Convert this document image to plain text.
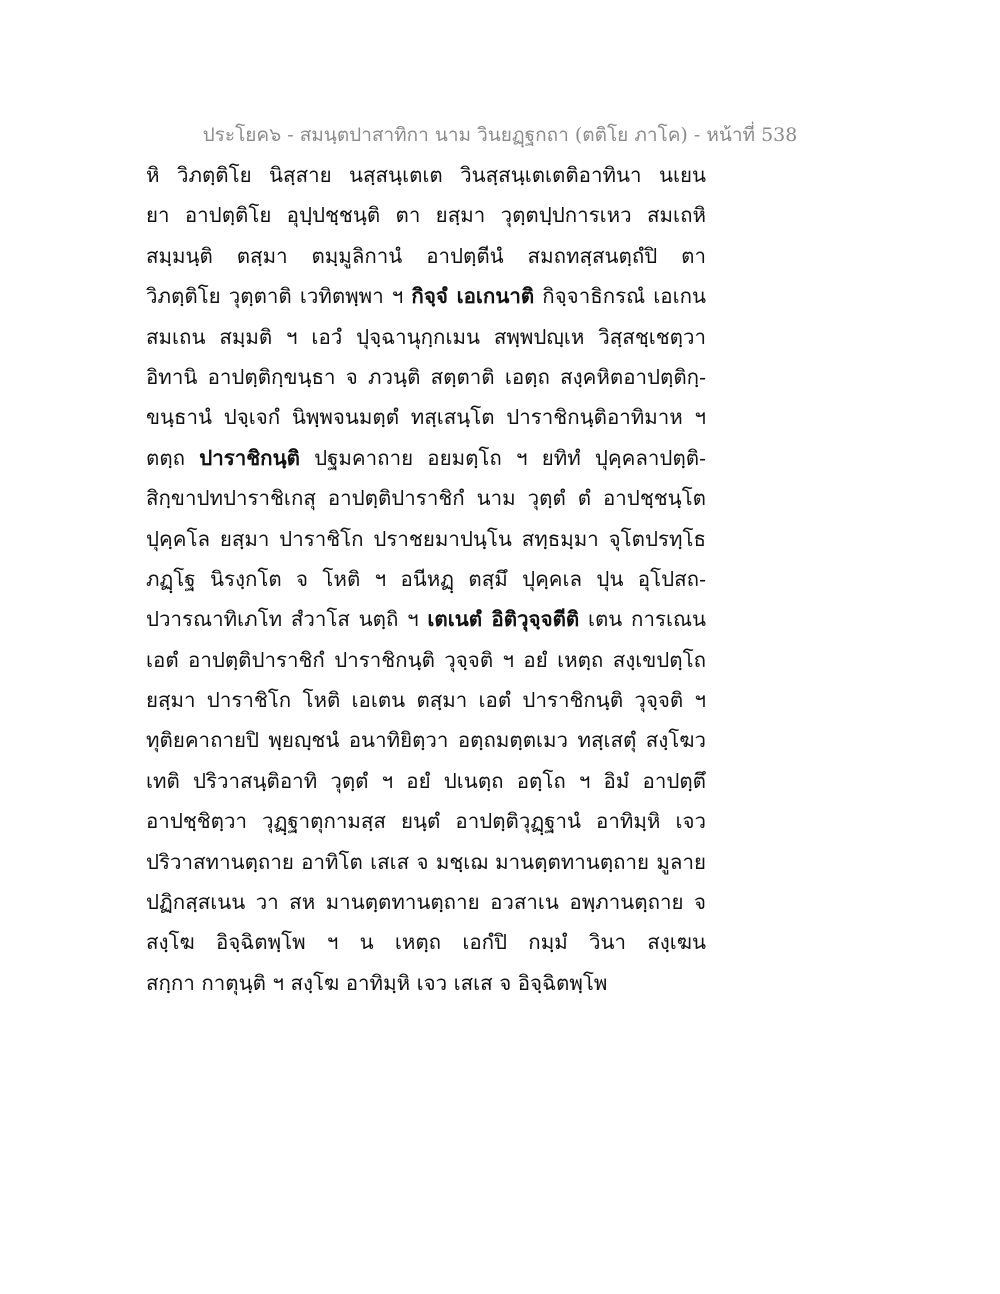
ประโยค๖ - สมนฺตปาสาทิกา นาม วินยฏฺฐกถา (ตติโย ภาโค) - หน้าที่ 538
หิ วิภตฺติโย นิสฺสาย นสฺสนฺเตเต วินสฺสนฺเตเตติอาทินา นเยน
ยา อาปตฺติโย อุปฺปชฺชนฺติ ตา ยสฺมา วุตฺตปฺปการเหว สมเถหิ
สมฺมนฺติ ตสฺมา ตมฺมูลิกานํ อาปตฺตีนํ สมถทสฺสนตฺถํปิ ตา
วิภตฺติโย วุตฺตาติ เวทิตพฺพา ฯ กิจฺจํ เอเกนาติ กิจฺจาธิกรณํ เอเกน
สมเถน สมฺมติ ฯ เอวํ ปุจฺฉานุกฺกเมน สพฺพปญฺเห วิสฺสชฺเชตฺวา
อิทานิ อาปตฺติกฺขนฺธา จ ภวนฺติ สตฺตาติ เอตฺถ สงฺคหิตอาปตฺติกฺ-
ขนฺธานํ ปจฺเจกํ นิพฺพจนมตฺตํ ทสฺเสนฺโต ปาราชิกนฺติอาทิมาห ฯ
ตตฺถ ปาราชิกนฺติ ปฐมคาถาย อยมตฺโถ ฯ ยทิทํ ปุคฺคลาปตฺติ-
สิกฺขาปทปาราชิเกสุ อาปตฺติปาราชิกํ นาม วุตฺตํ ตํ อาปชฺชนฺโต
ปุคฺคโล ยสฺมา ปาราชิโก ปราชยมาปนฺโน สทฺธมฺมา จุโตปรทฺโธ
ภฏฺโฐ นิรงฺกโต จ โหติ ฯ อนีหฏฺ ตสฺมึ ปุคฺคเล ปุน อุโปสถ-
ปวารณาทิเภโท สํวาโส นตฺถิ ฯ เตเนตํ อิติวุจฺจตีติ เตน การเณน
เอตํ อาปตฺติปาราชิกํ ปาราชิกนฺติ วุจฺจติ ฯ อยํ เหตฺถ สงฺเขปตฺโถ
ยสฺมา ปาราชิโก โหติ เอเตน ตสฺมา เอตํ ปาราชิกนฺติ วุจฺจติ ฯ
ทุติยคาถายปิ พฺยญฺชนํ อนาทิยิตฺวา อตฺถมตฺตเมว ทสฺเสตุํ สงฺโฆว
เทติ ปริวาสนฺติอาทิ วุตฺตํ ฯ อยํ ปเนตฺถ อตฺโถ ฯ อิมํ อาปตฺตึ
อาปชฺชิตฺวา วุฏฺฐาตุกามสฺส ยนฺตํ อาปตฺติวุฏฺฐานํ อาทิมฺหิ เจว
ปริวาสทานตฺถาย อาทิโต เสเส จ มชฺเฌ มานตฺตทานตฺถาย มูลาย
ปฏิกสฺสเนน วา สห มานตฺตทานตฺถาย อวสาเน อพฺภานตฺถาย จ
สงฺโฆ อิจฺฉิตพฺโพ ฯ น เหตฺถ เอกํปิ กมฺมํ วินา สงฺเฆน
สกฺกา กาตุนฺติ ฯ สงฺโฆ อาทิมฺหิ เจว เสเส จ อิจฺฉิตพฺโพ
